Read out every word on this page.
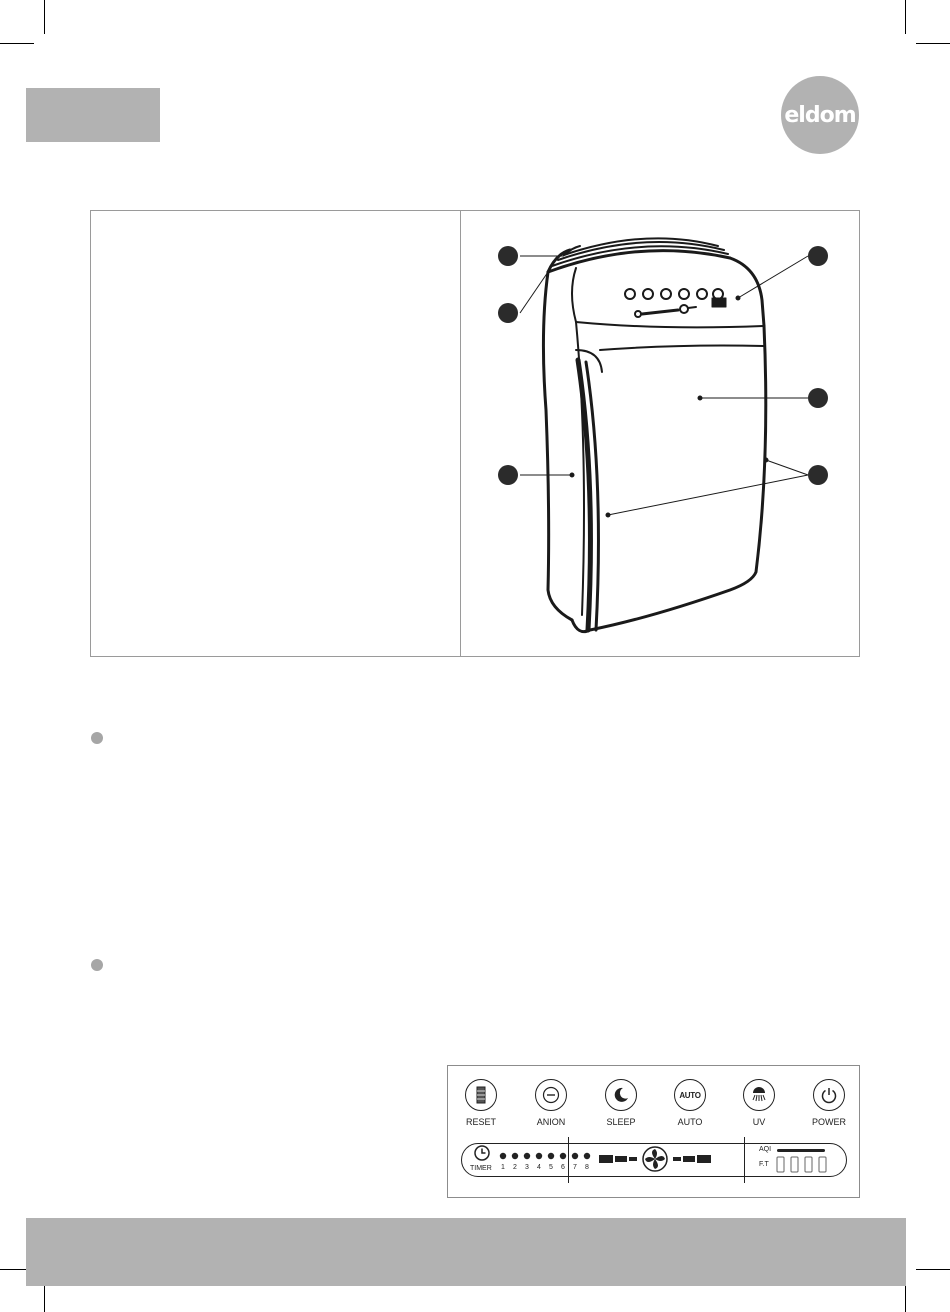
eldom
RESET	ANION	SLEEP
AUTO
AUTO	UV	POWER
TIMER 1 2 3 4 5 6 7 8
AQI
F.T
